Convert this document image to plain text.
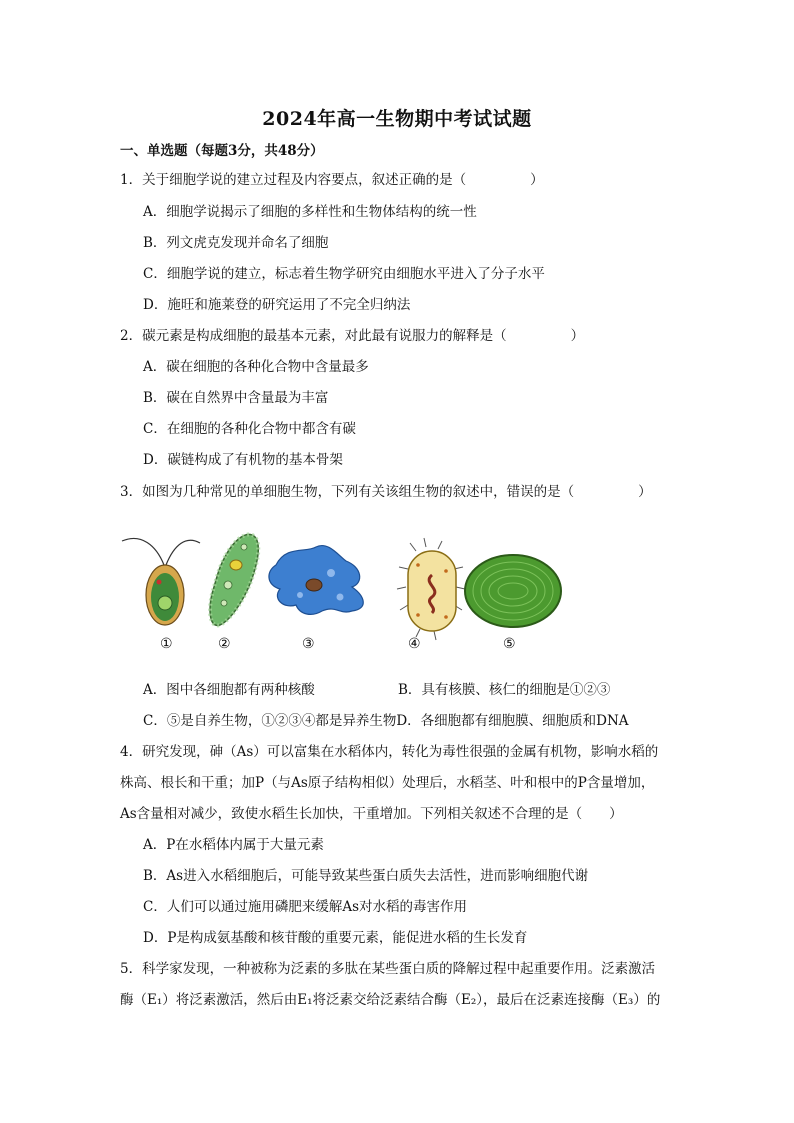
2024年高一生物期中考试试题
一、单选题（每题3分，共48分）
1．关于细胞学说的建立过程及内容要点，叙述正确的是（	）
A．细胞学说揭示了细胞的多样性和生物体结构的统一性
B．列文虎克发现并命名了细胞
C．细胞学说的建立，标志着生物学研究由细胞水平进入了分子水平
D．施旺和施莱登的研究运用了不完全归纳法
2．碳元素是构成细胞的最基本元素，对此最有说服力的解释是（	）
A．碳在细胞的各种化合物中含量最多
B．碳在自然界中含量最为丰富
C．在细胞的各种化合物中都含有碳
D．碳链构成了有机物的基本骨架
3．如图为几种常见的单细胞生物，下列有关该组生物的叙述中，错误的是（	）
①	②	③	④	⑤
A．图中各细胞都有两种核酸	B．具有核膜、核仁的细胞是①②③
C．⑤是自养生物，①②③④都是异养生物D．各细胞都有细胞膜、细胞质和DNA
4．研究发现，砷（As）可以富集在水稻体内，转化为毒性很强的金属有机物，影响水稻的
株高、根长和干重；加P（与As原子结构相似）处理后，水稻茎、叶和根中的P含量增加，
As含量相对减少，致使水稻生长加快，干重增加。下列相关叙述不合理的是（　　）
A．P在水稻体内属于大量元素
B．As进入水稻细胞后，可能导致某些蛋白质失去活性，进而影响细胞代谢
C．人们可以通过施用磷肥来缓解As对水稻的毒害作用
D．P是构成氨基酸和核苷酸的重要元素，能促进水稻的生长发育
5．科学家发现，一种被称为泛素的多肽在某些蛋白质的降解过程中起重要作用。泛素激活
酶（E₁）将泛素激活，然后由E₁将泛素交给泛素结合酶（E₂），最后在泛素连接酶（E₃）的
